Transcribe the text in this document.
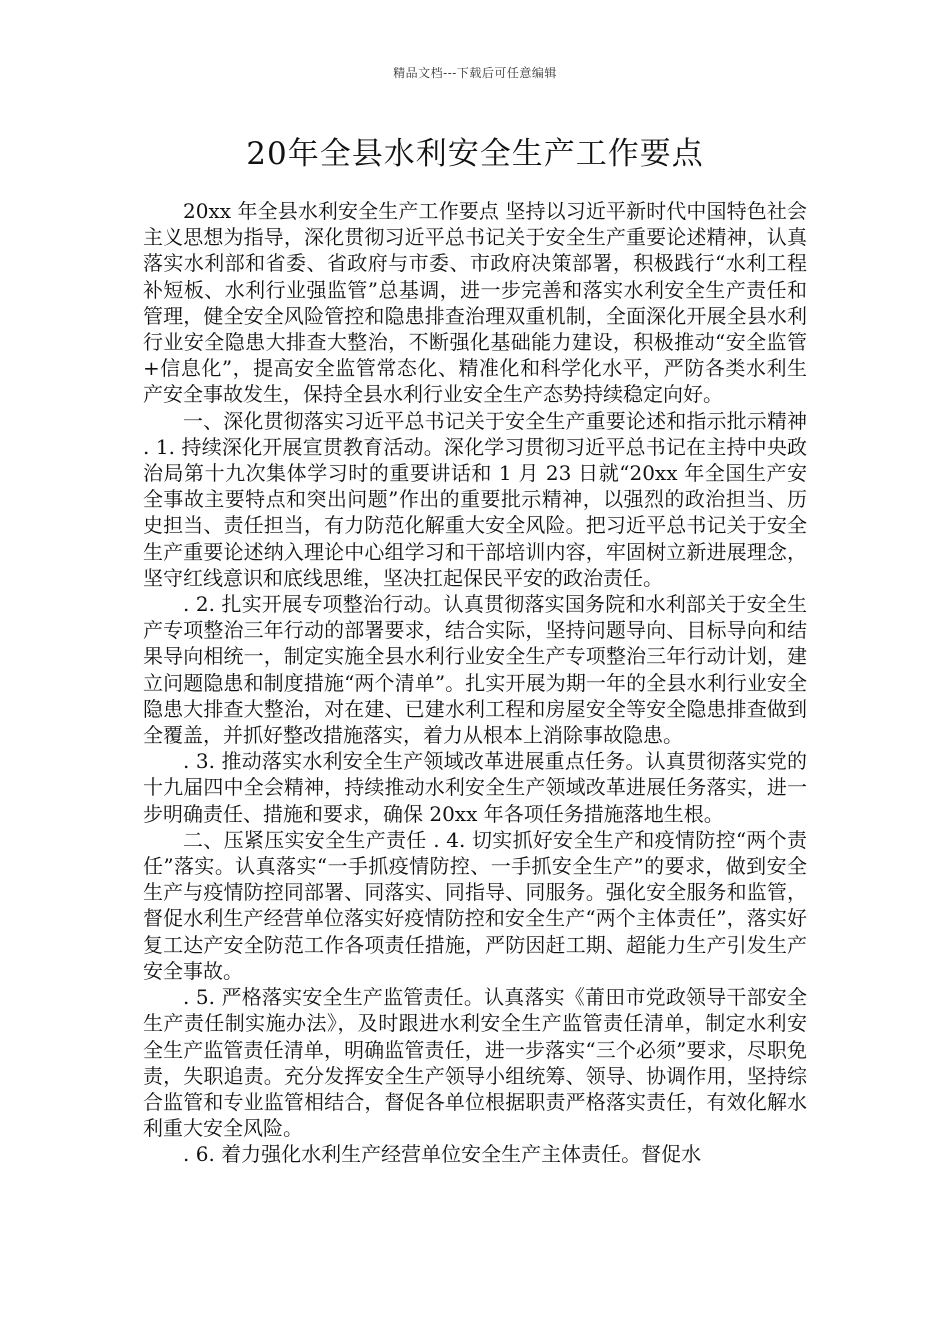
精品文档---下载后可任意编辑
20年全县水利安全生产工作要点

20xx 年全县水利安全生产工作要点 坚持以习近平新时代中国特色社会主义思想为指导，深化贯彻习近平总书记关于安全生产重要论述精神，认真落实水利部和省委、省政府与市委、市政府决策部署，积极践行“水利工程补短板、水利行业强监管”总基调，进一步完善和落实水利安全生产责任和管理，健全安全风险管控和隐患排查治理双重机制，全面深化开展全县水利行业安全隐患大排查大整治，不断强化基础能力建设，积极推动“安全监管+信息化”，提高安全监管常态化、精准化和科学化水平，严防各类水利生产安全事故发生，保持全县水利行业安全生产态势持续稳定向好。

一、深化贯彻落实习近平总书记关于安全生产重要论述和指示批示精神 . 1. 持续深化开展宣贯教育活动。深化学习贯彻习近平总书记在主持中央政治局第十九次集体学习时的重要讲话和 1 月 23 日就“20xx 年全国生产安全事故主要特点和突出问题”作出的重要批示精神，以强烈的政治担当、历史担当、责任担当，有力防范化解重大安全风险。把习近平总书记关于安全生产重要论述纳入理论中心组学习和干部培训内容，牢固树立新进展理念，坚守红线意识和底线思维，坚决扛起保民平安的政治责任。

. 2. 扎实开展专项整治行动。认真贯彻落实国务院和水利部关于安全生产专项整治三年行动的部署要求，结合实际，坚持问题导向、目标导向和结果导向相统一，制定实施全县水利行业安全生产专项整治三年行动计划，建立问题隐患和制度措施“两个清单”。扎实开展为期一年的全县水利行业安全隐患大排查大整治，对在建、已建水利工程和房屋安全等安全隐患排查做到全覆盖，并抓好整改措施落实，着力从根本上消除事故隐患。

. 3. 推动落实水利安全生产领域改革进展重点任务。认真贯彻落实党的十九届四中全会精神，持续推动水利安全生产领域改革进展任务落实，进一步明确责任、措施和要求，确保 20xx 年各项任务措施落地生根。

二、压紧压实安全生产责任 . 4. 切实抓好安全生产和疫情防控“两个责任”落实。认真落实“一手抓疫情防控、一手抓安全生产”的要求，做到安全生产与疫情防控同部署、同落实、同指导、同服务。强化安全服务和监管，督促水利生产经营单位落实好疫情防控和安全生产“两个主体责任”，落实好复工达产安全防范工作各项责任措施，严防因赶工期、超能力生产引发生产安全事故。

. 5. 严格落实安全生产监管责任。认真落实《莆田市党政领导干部安全生产责任制实施办法》，及时跟进水利安全生产监管责任清单，制定水利安全生产监管责任清单，明确监管责任，进一步落实“三个必须”要求，尽职免责，失职追责。充分发挥安全生产领导小组统筹、领导、协调作用，坚持综合监管和专业监管相结合，督促各单位根据职责严格落实责任，有效化解水利重大安全风险。

. 6. 着力强化水利生产经营单位安全生产主体责任。督促水
